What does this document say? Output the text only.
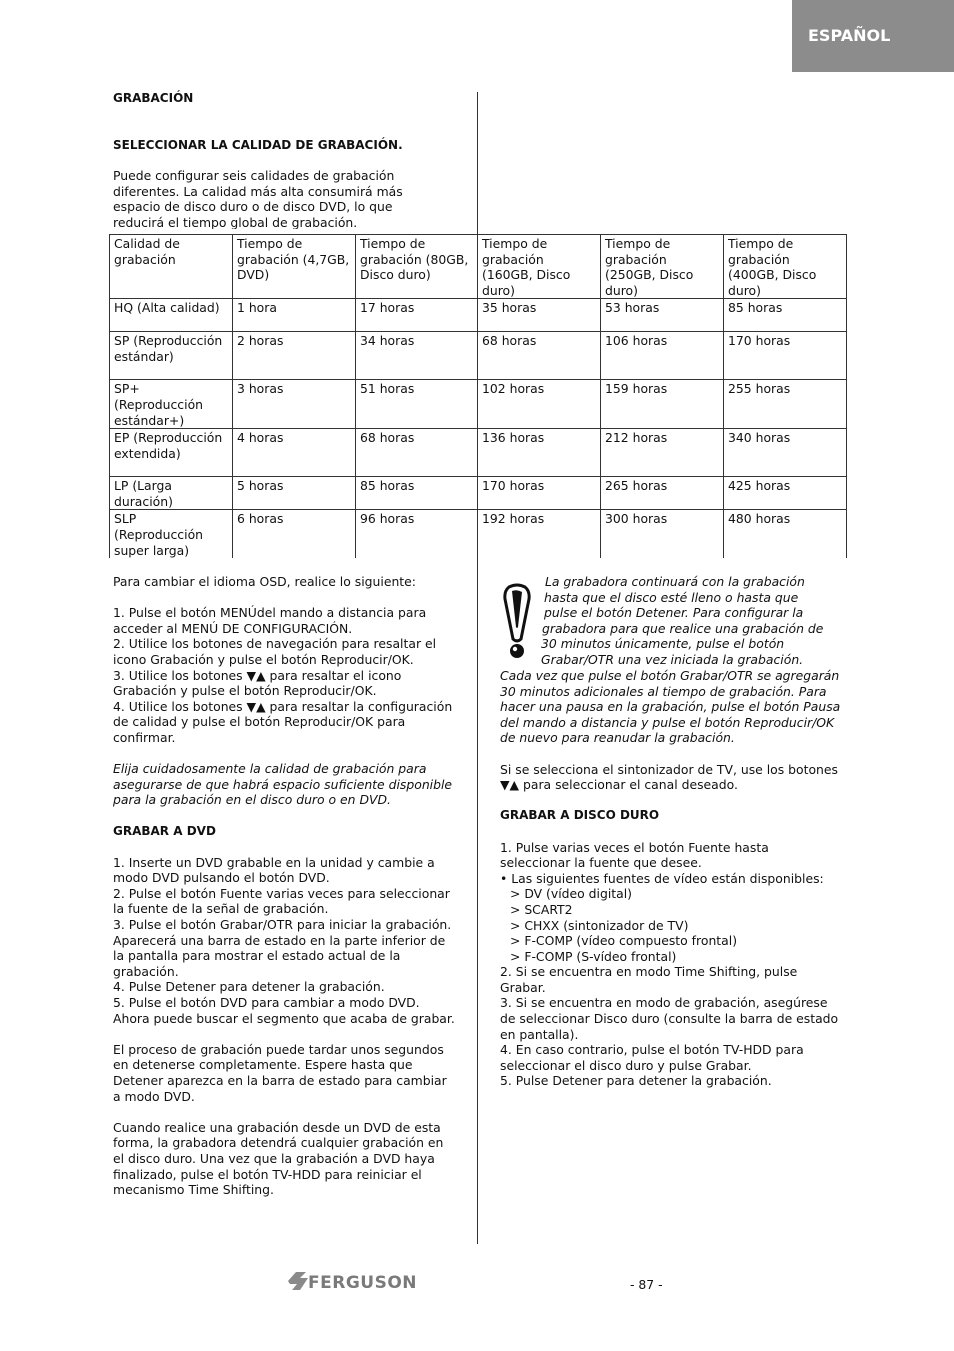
ESPAÑOL
GRABACIÓN
SELECCIONAR LA CALIDAD DE GRABACIÓN.
Puede configurar seis calidades de grabación diferentes. La calidad más alta consumirá más espacio de disco duro o de disco DVD, lo que reducirá el tiempo global de grabación.
Calidad de grabación	Tiempo de grabación (4,7GB, DVD)	Tiempo de grabación (80GB, Disco duro)	Tiempo de grabación (160GB, Disco duro)	Tiempo de grabación (250GB, Disco duro)	Tiempo de grabación (400GB, Disco duro)
HQ (Alta calidad)	1 hora	17 horas	35 horas	53 horas	85 horas
SP (Reproducción estándar)	2 horas	34 horas	68 horas	106 horas	170 horas
SP+ (Reproducción estándar+)	3 horas	51 horas	102 horas	159 horas	255 horas
EP (Reproducción extendida)	4 horas	68 horas	136 horas	212 horas	340 horas
LP (Larga duración)	5 horas	85 horas	170 horas	265 horas	425 horas
SLP (Reproducción super larga)	6 horas	96 horas	192 horas	300 horas	480 horas
Para cambiar el idioma OSD, realice lo siguiente:
1. Pulse el botón MENÚdel mando a distancia para acceder al MENÚ DE CONFIGURACIÓN.
2. Utilice los botones de navegación para resaltar el icono Grabación y pulse el botón Reproducir/OK.
3. Utilice los botones ▼▲ para resaltar el icono Grabación y pulse el botón Reproducir/OK.
4. Utilice los botones ▼▲ para resaltar la configuración de calidad y pulse el botón Reproducir/OK para confirmar.
Elija cuidadosamente la calidad de grabación para asegurarse de que habrá espacio suficiente disponible para la grabación en el disco duro o en DVD.
GRABAR A DVD
1. Inserte un DVD grabable en la unidad y cambie a modo DVD pulsando el botón DVD.
2. Pulse el botón Fuente varias veces para seleccionar la fuente de la señal de grabación.
3. Pulse el botón Grabar/OTR para iniciar la grabación. Aparecerá una barra de estado en la parte inferior de la pantalla para mostrar el estado actual de la grabación.
4. Pulse Detener para detener la grabación.
5. Pulse el botón DVD para cambiar a modo DVD. Ahora puede buscar el segmento que acaba de grabar.
El proceso de grabación puede tardar unos segundos en detenerse completamente. Espere hasta que Detener aparezca en la barra de estado para cambiar a modo DVD.
Cuando realice una grabación desde un DVD de esta forma, la grabadora detendrá cualquier grabación en el disco duro. Una vez que la grabación a DVD haya finalizado, pulse el botón TV-HDD para reiniciar el mecanismo Time Shifting.
La grabadora continuará con la grabación
hasta que el disco esté lleno o hasta que
pulse el botón Detener. Para configurar la
grabadora para que realice una grabación de
30 minutos únicamente, pulse el botón
Grabar/OTR una vez iniciada la grabación.
Cada vez que pulse el botón Grabar/OTR se agregarán 30 minutos adicionales al tiempo de grabación. Para hacer una pausa en la grabación, pulse el botón Pausa del mando a distancia y pulse el botón Reproducir/OK de nuevo para reanudar la grabación.
Si se selecciona el sintonizador de TV, use los botones ▼▲ para seleccionar el canal deseado.
GRABAR A DISCO DURO
1. Pulse varias veces el botón Fuente hasta seleccionar la fuente que desee.
• Las siguientes fuentes de vídeo están disponibles:
> DV (vídeo digital)
> SCART2
> CHXX (sintonizador de TV)
> F-COMP (vídeo compuesto frontal)
> F-COMP (S-vídeo frontal)
2. Si se encuentra en modo Time Shifting, pulse Grabar.
3. Si se encuentra en modo de grabación, asegúrese de seleccionar Disco duro (consulte la barra de estado en pantalla).
4. En caso contrario, pulse el botón TV-HDD para seleccionar el disco duro y pulse Grabar.
5. Pulse Detener para detener la grabación.
FERGUSON	- 87 -
